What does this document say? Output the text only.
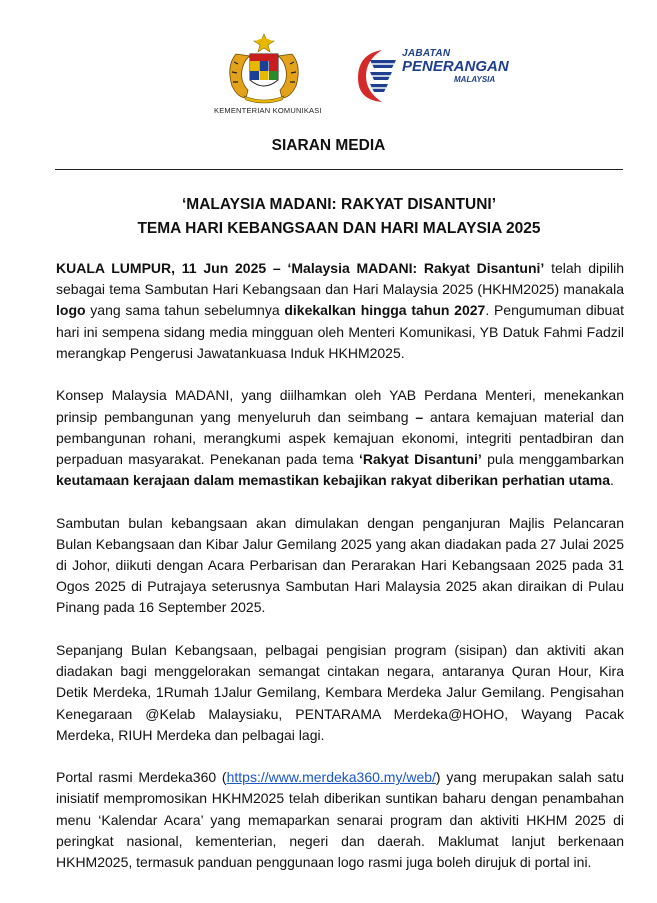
KEMENTERIAN KOMUNIKASI
JABATAN
PENERANGAN
MALAYSIA
SIARAN MEDIA
‘MALAYSIA MADANI: RAKYAT DISANTUNI’
TEMA HARI KEBANGSAAN DAN HARI MALAYSIA 2025

KUALA LUMPUR, 11 Jun 2025 – ‘Malaysia MADANI: Rakyat Disantuni’ telah dipilih sebagai tema Sambutan Hari Kebangsaan dan Hari Malaysia 2025 (HKHM2025) manakala logo yang sama tahun sebelumnya dikekalkan hingga tahun 2027. Pengumuman dibuat hari ini sempena sidang media mingguan oleh Menteri Komunikasi, YB Datuk Fahmi Fadzil merangkap Pengerusi Jawatankuasa Induk HKHM2025.

Konsep Malaysia MADANI, yang diilhamkan oleh YAB Perdana Menteri, menekankan prinsip pembangunan yang menyeluruh dan seimbang – antara kemajuan material dan pembangunan rohani, merangkumi aspek kemajuan ekonomi, integriti pentadbiran dan perpaduan masyarakat. Penekanan pada tema ‘Rakyat Disantuni’ pula menggambarkan keutamaan kerajaan dalam memastikan kebajikan rakyat diberikan perhatian utama.

Sambutan bulan kebangsaan akan dimulakan dengan penganjuran Majlis Pelancaran Bulan Kebangsaan dan Kibar Jalur Gemilang 2025 yang akan diadakan pada 27 Julai 2025 di Johor, diikuti dengan Acara Perbarisan dan Perarakan Hari Kebangsaan 2025 pada 31 Ogos 2025 di Putrajaya seterusnya Sambutan Hari Malaysia 2025 akan diraikan di Pulau Pinang pada 16 September 2025.

Sepanjang Bulan Kebangsaan, pelbagai pengisian program (sisipan) dan aktiviti akan diadakan bagi menggelorakan semangat cintakan negara, antaranya Quran Hour, Kira Detik Merdeka, 1Rumah 1Jalur Gemilang, Kembara Merdeka Jalur Gemilang. Pengisahan Kenegaraan @Kelab Malaysiaku, PENTARAMA Merdeka@HOHO, Wayang Pacak Merdeka, RIUH Merdeka dan pelbagai lagi.

Portal rasmi Merdeka360 (https://www.merdeka360.my/web/) yang merupakan salah satu inisiatif mempromosikan HKHM2025 telah diberikan suntikan baharu dengan penambahan menu ‘Kalendar Acara’ yang memaparkan senarai program dan aktiviti HKHM 2025 di peringkat nasional, kementerian, negeri dan daerah. Maklumat lanjut berkenaan HKHM2025, termasuk panduan penggunaan logo rasmi juga boleh dirujuk di portal ini.
